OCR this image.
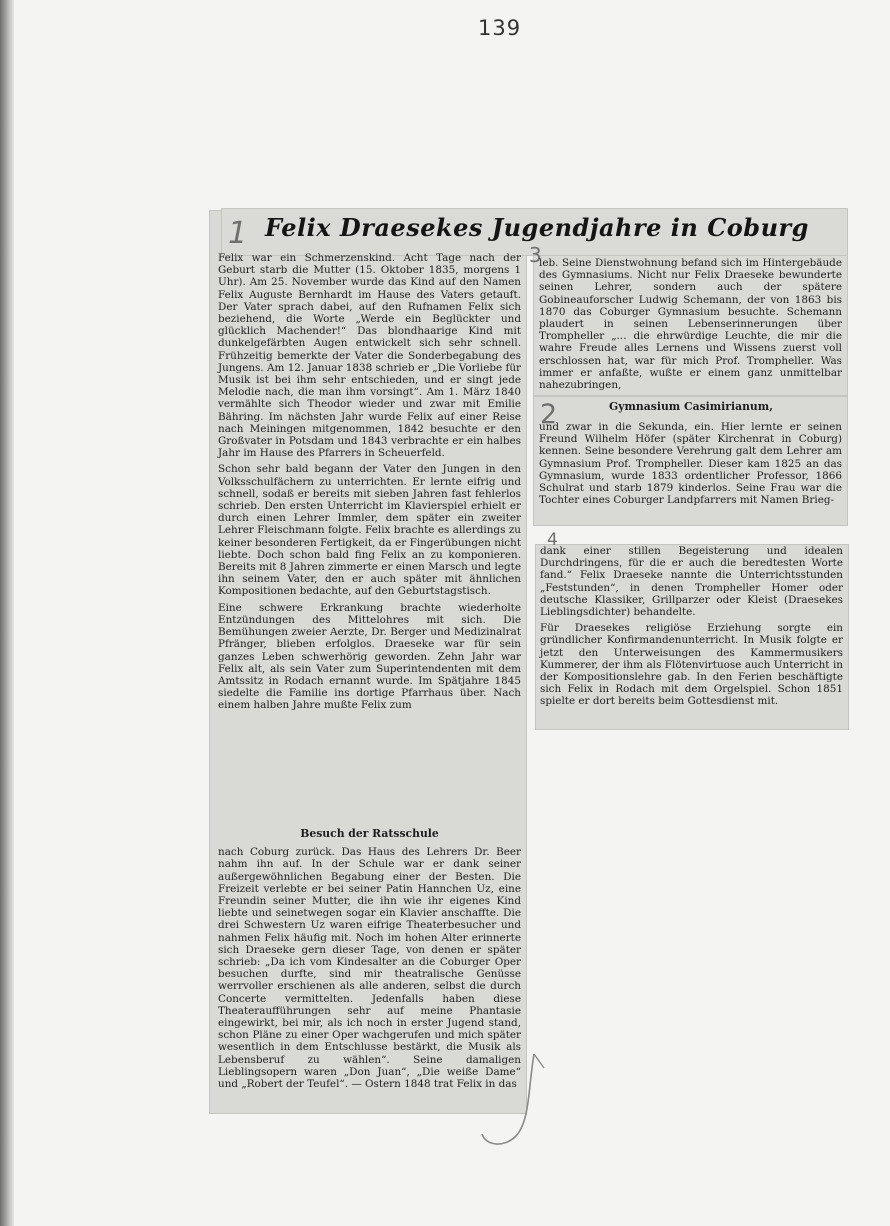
139
Felix Draesekes Jugendjahre in Coburg
1
3
2
4

Felix war ein Schmerzenskind. Acht Tage nach der Geburt starb die Mutter (15. Oktober 1835, morgens 1 Uhr). Am 25. November wurde das Kind auf den Namen Felix Auguste Bernhardt im Hause des Vaters getauft. Der Vater sprach dabei, auf den Rufnamen Felix sich beziehend, die Worte „Werde ein Beglückter und glücklich Machender!“ Das blondhaarige Kind mit dunkelgefärbten Augen entwickelt sich sehr schnell. Frühzeitig bemerkte der Vater die Sonderbegabung des Jungens. Am 12. Januar 1838 schrieb er „Die Vorliebe für Musik ist bei ihm sehr entschieden, und er singt jede Melodie nach, die man ihm vorsingt“. Am 1. März 1840 vermählte sich Theodor wieder und zwar mit Emilie Bähring. Im nächsten Jahr wurde Felix auf einer Reise nach Meiningen mitgenommen, 1842 besuchte er den Großvater in Potsdam und 1843 verbrachte er ein halbes Jahr im Hause des Pfarrers in Scheuerfeld.

Schon sehr bald begann der Vater den Jungen in den Volksschulfächern zu unterrichten. Er lernte eifrig und schnell, sodaß er bereits mit sieben Jahren fast fehlerlos schrieb. Den ersten Unterricht im Klavierspiel erhielt er durch einen Lehrer Immler, dem später ein zweiter Lehrer Fleischmann folgte. Felix brachte es allerdings zu keiner besonderen Fertigkeit, da er Fingerübungen nicht liebte. Doch schon bald fing Felix an zu komponieren. Bereits mit 8 Jahren zimmerte er einen Marsch und legte ihn seinem Vater, den er auch später mit ähnlichen Kompositionen bedachte, auf den Geburtstagstisch.

Eine schwere Erkrankung brachte wiederholte Entzündungen des Mittelohres mit sich. Die Bemühungen zweier Aerzte, Dr. Berger und Medizinalrat Pfränger, blieben erfolglos. Draeseke war für sein ganzes Leben schwerhörig geworden. Zehn Jahr war Felix alt, als sein Vater zum Superintendenten mit dem Amtssitz in Rodach ernannt wurde. Im Spätjahre 1845 siedelte die Familie ins dortige Pfarrhaus über. Nach einem halben Jahre mußte Felix zum

Besuch der Ratsschule

nach Coburg zurück. Das Haus des Lehrers Dr. Beer nahm ihn auf. In der Schule war er dank seiner außergewöhnlichen Begabung einer der Besten. Die Freizeit verlebte er bei seiner Patin Hannchen Uz, eine Freundin seiner Mutter, die ihn wie ihr eigenes Kind liebte und seinetwegen sogar ein Klavier anschaffte. Die drei Schwestern Uz waren eifrige Theaterbesucher und nahmen Felix häufig mit. Noch im hohen Alter erinnerte sich Draeseke gern dieser Tage, von denen er später schrieb: „Da ich vom Kindesalter an die Coburger Oper besuchen durfte, sind mir theatralische Genüsse werrvoller erschienen als alle anderen, selbst die durch Concerte vermittelten. Jedenfalls haben diese Theateraufführungen sehr auf meine Phantasie eingewirkt, bei mir, als ich noch in erster Jugend stand, schon Pläne zu einer Oper wachgerufen und mich später wesentlich in dem Entschlusse bestärkt, die Musik als Lebensberuf zu wählen“. Seine damaligen Lieblingsopern waren „Don Juan“, „Die weiße Dame“ und „Robert der Teufel“. — Ostern 1848 trat Felix in das

leb. Seine Dienstwohnung befand sich im Hintergebäude des Gymnasiums. Nicht nur Felix Draeseke bewunderte seinen Lehrer, sondern auch der spätere Gobineauforscher Ludwig Schemann, der von 1863 bis 1870 das Coburger Gymnasium besuchte. Schemann plaudert in seinen Lebenserinnerungen über Trompheller „... die ehrwürdige Leuchte, die mir die wahre Freude alles Lernens und Wissens zuerst voll erschlossen hat, war für mich Prof. Trompheller. Was immer er anfaßte, wußte er einem ganz unmittelbar nahezubringen,

Gymnasium Casimirianum,

und zwar in die Sekunda, ein. Hier lernte er seinen Freund Wilhelm Höfer (später Kirchenrat in Coburg) kennen. Seine besondere Verehrung galt dem Lehrer am Gymnasium Prof. Trompheller. Dieser kam 1825 an das Gymnasium, wurde 1833 ordentlicher Professor, 1866 Schulrat und starb 1879 kinderlos. Seine Frau war die Tochter eines Coburger Landpfarrers mit Namen Brieg-

dank einer stillen Begeisterung und idealen Durchdringens, für die er auch die beredtesten Worte fand.“ Felix Draeseke nannte die Unterrichtsstunden „Feststunden“, in denen Trompheller Homer oder deutsche Klassiker, Grillparzer oder Kleist (Draesekes Lieblingsdichter) behandelte.

Für Draesekes religiöse Erziehung sorgte ein gründlicher Konfirmandenunterricht. In Musik folgte er jetzt den Unterweisungen des Kammermusikers Kummerer, der ihm als Flötenvirtuose auch Unterricht in der Kompositionslehre gab. In den Ferien beschäftigte sich Felix in Rodach mit dem Orgelspiel. Schon 1851 spielte er dort bereits beim Gottesdienst mit.
